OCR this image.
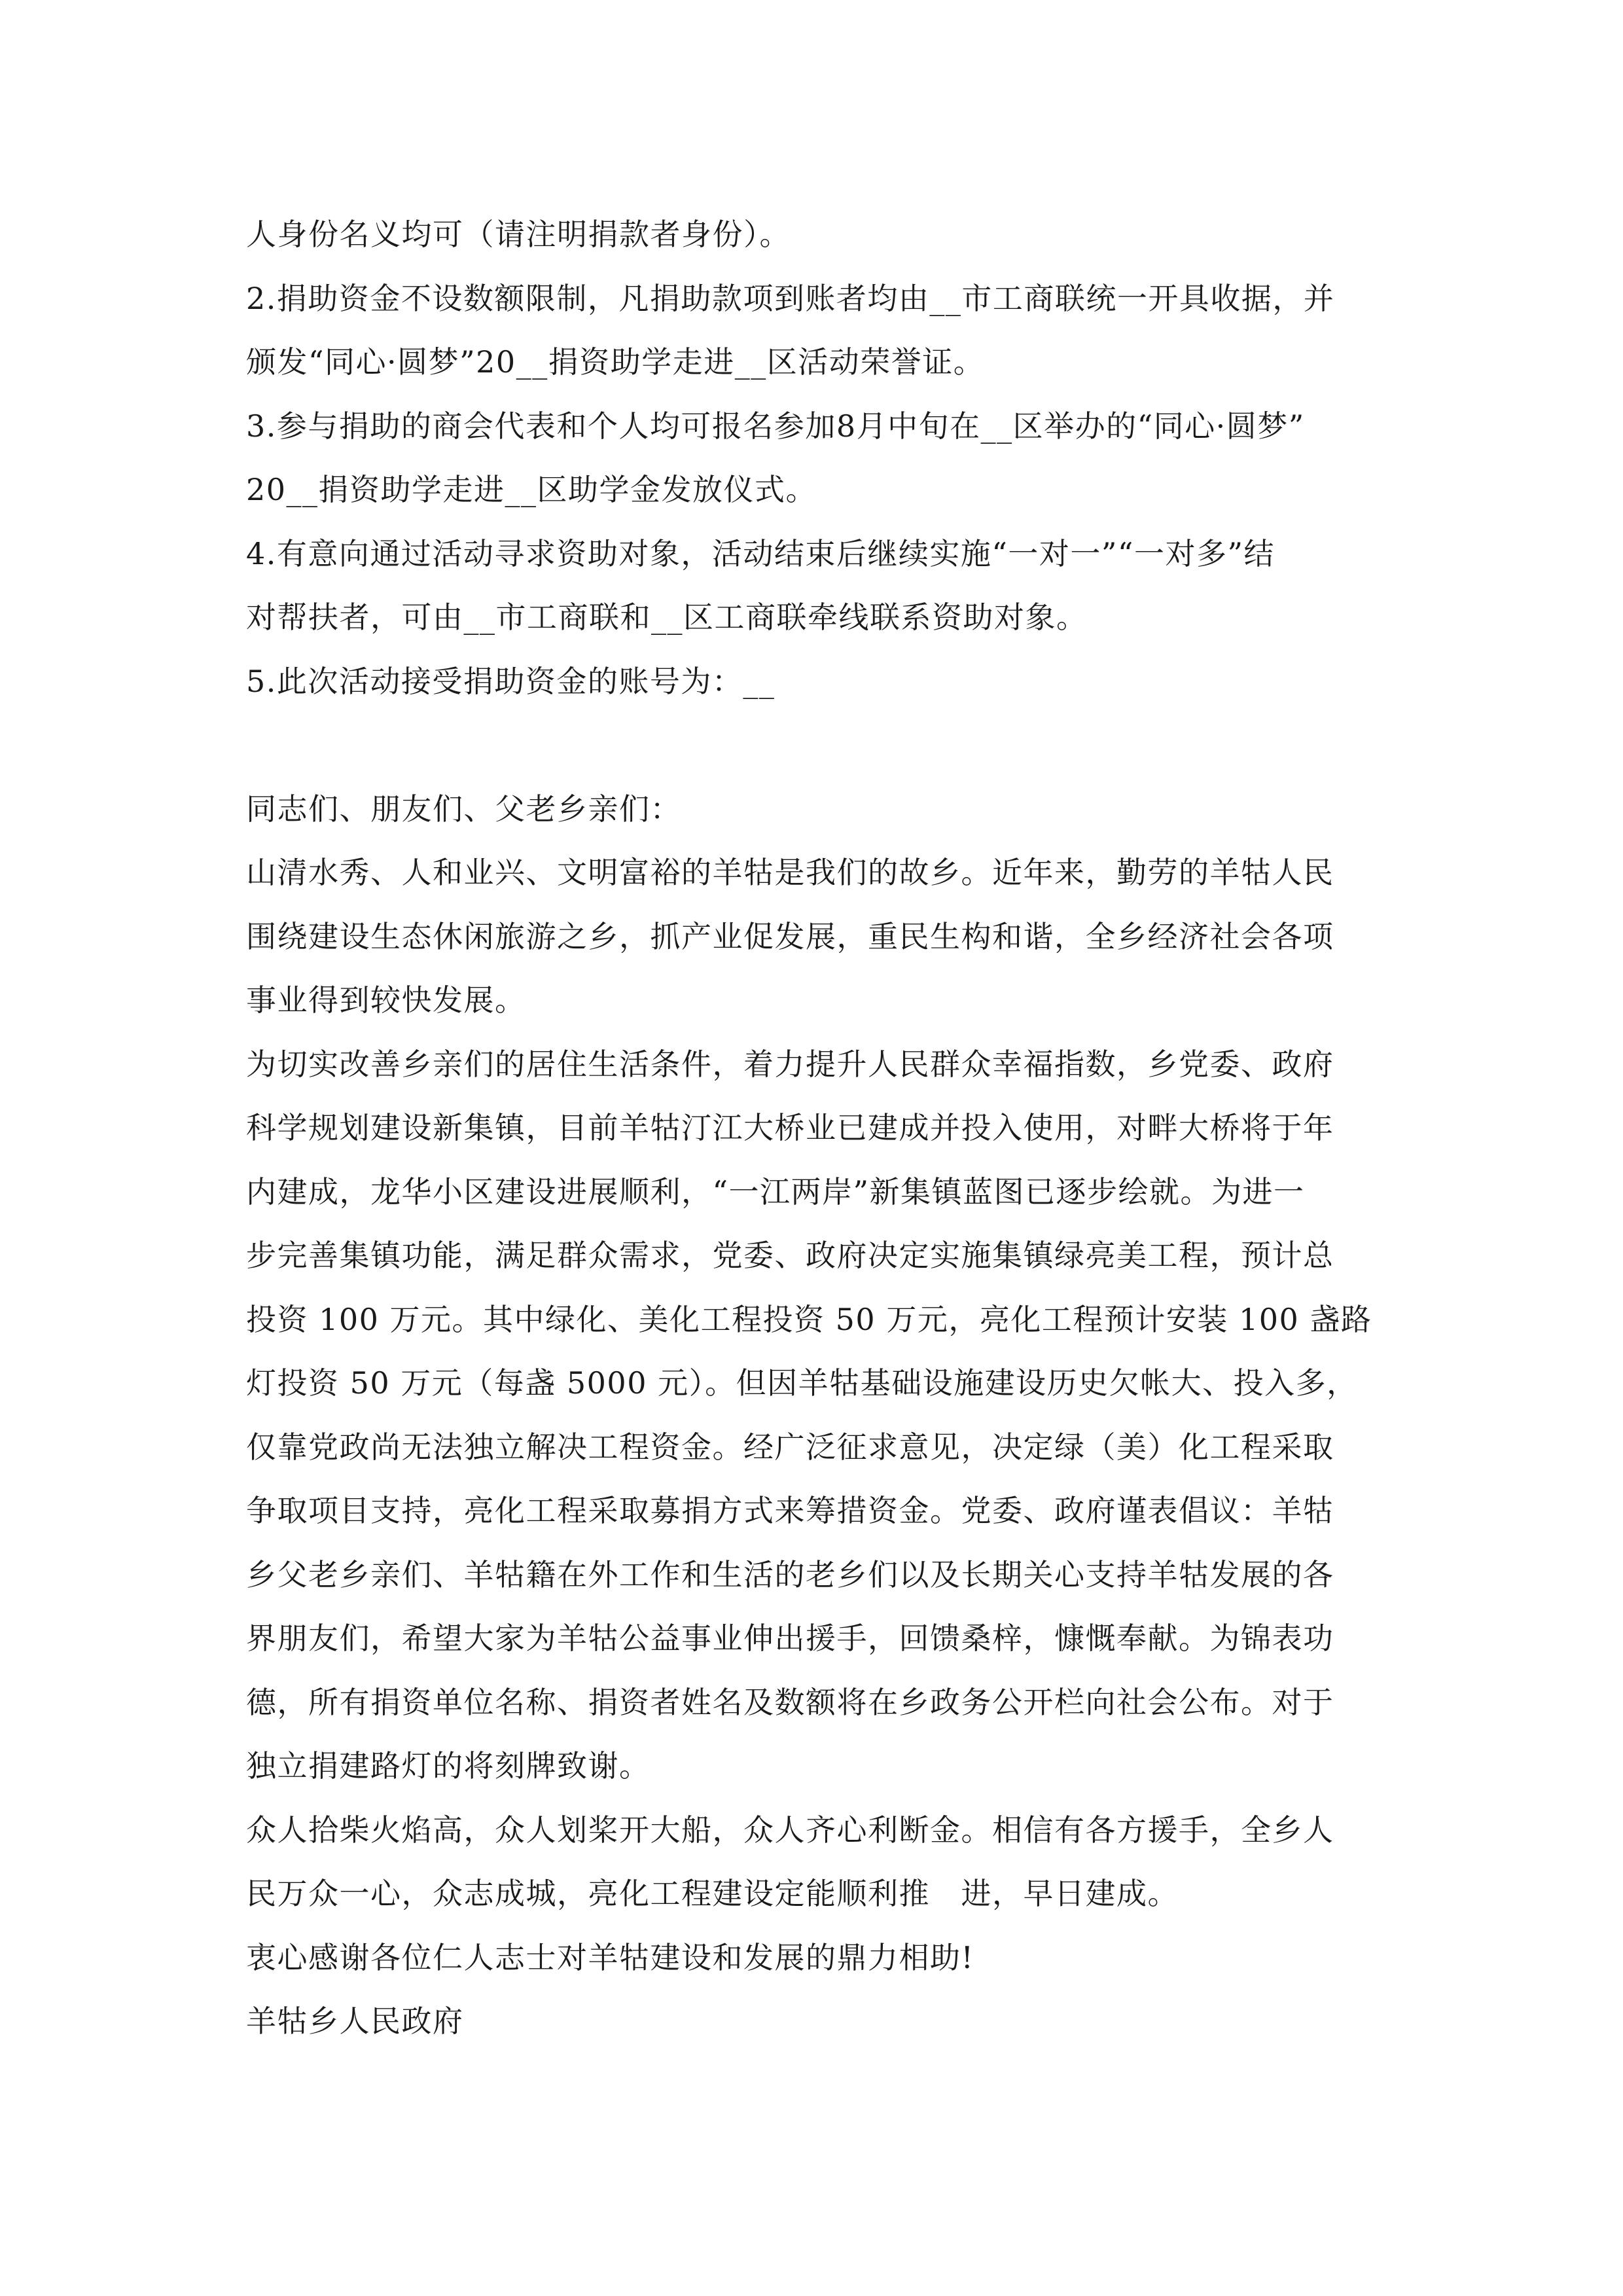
人身份名义均可（请注明捐款者身份）。
2.捐助资金不设数额限制，凡捐助款项到账者均由__市工商联统一开具收据，并
颁发“同心·圆梦”20__捐资助学走进__区活动荣誉证。
3.参与捐助的商会代表和个人均可报名参加8月中旬在__区举办的“同心·圆梦”
20__捐资助学走进__区助学金发放仪式。
4.有意向通过活动寻求资助对象，活动结束后继续实施“一对一”“一对多”结
对帮扶者，可由__市工商联和__区工商联牵线联系资助对象。
5.此次活动接受捐助资金的账号为：__
同志们、朋友们、父老乡亲们：
山清水秀、人和业兴、文明富裕的羊牯是我们的故乡。近年来，勤劳的羊牯人民
围绕建设生态休闲旅游之乡，抓产业促发展，重民生构和谐，全乡经济社会各项
事业得到较快发展。
为切实改善乡亲们的居住生活条件，着力提升人民群众幸福指数，乡党委、政府
科学规划建设新集镇，目前羊牯汀江大桥业已建成并投入使用，对畔大桥将于年
内建成，龙华小区建设进展顺利，“一江两岸”新集镇蓝图已逐步绘就。为进一
步完善集镇功能，满足群众需求，党委、政府决定实施集镇绿亮美工程，预计总
投资 100 万元。其中绿化、美化工程投资 50 万元，亮化工程预计安装 100 盏路
灯投资 50 万元（每盏 5000 元）。但因羊牯基础设施建设历史欠帐大、投入多，
仅靠党政尚无法独立解决工程资金。经广泛征求意见，决定绿（美）化工程采取
争取项目支持，亮化工程采取募捐方式来筹措资金。党委、政府谨表倡议：羊牯
乡父老乡亲们、羊牯籍在外工作和生活的老乡们以及长期关心支持羊牯发展的各
界朋友们，希望大家为羊牯公益事业伸出援手，回馈桑梓，慷慨奉献。为锦表功
德，所有捐资单位名称、捐资者姓名及数额将在乡政务公开栏向社会公布。对于
独立捐建路灯的将刻牌致谢。
众人拾柴火焰高，众人划桨开大船，众人齐心利断金。相信有各方援手，全乡人
民万众一心，众志成城，亮化工程建设定能顺利推　进，早日建成。
衷心感谢各位仁人志士对羊牯建设和发展的鼎力相助!
羊牯乡人民政府
